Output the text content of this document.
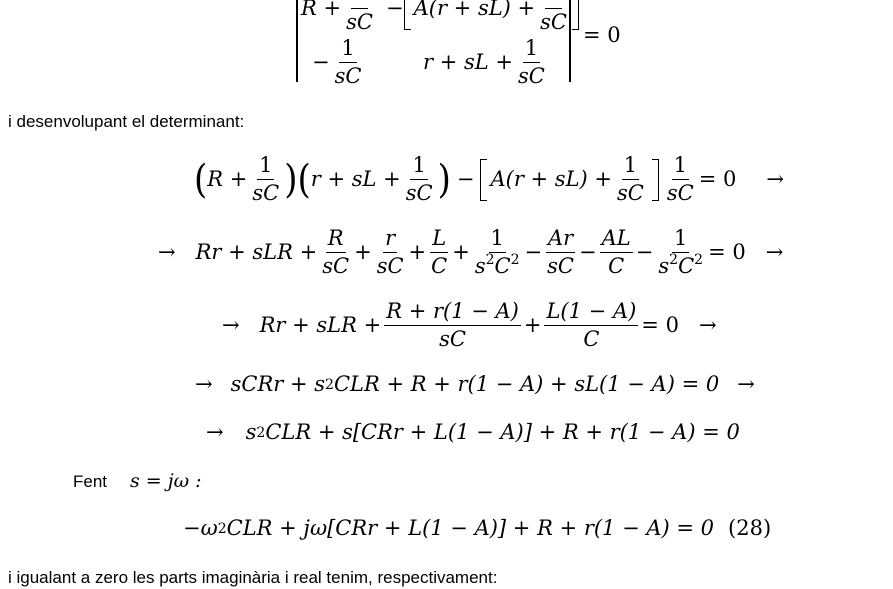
R +

sC
− A(r + sL) +

sC
= 0
− $\frac{1}{sC}$	r + sL + $\frac{1}{sC}$
i desenvolupant el determinant:
( $R + \frac{1}{sC}$ ) ( r + sL + $\frac{1}{sC}$ ) − $A(r + sL) + \frac{1}{sC} \frac{1}{sC} = 0$ →
→ Rr + sLR + $\frac{R}{sC} + \frac{r}{sC} + \frac{L}{C} + \frac{1}{s^2C^2} - \frac{Ar}{sC} - \frac{AL}{C} - \frac{1}{s^2C^2} = 0$ →
→ Rr + sLR + $\frac{R + r(1 - A)}{sC} + \frac{L(1 - A)}{C} = 0$ →
→ sCRr + s 2 CLR + R + r(1 − A) + sL(1 − A) = 0 →
→ s 2 CLR + s[CRr + L(1 − A)] + R + r(1 − A) = 0
Fent s = jω :
−ω 2 CLR + jω[CRr + L(1 − A)] + R + r(1 − A) = 0 (28)
i igualant a zero les parts imaginària i real tenim, respectivament:
